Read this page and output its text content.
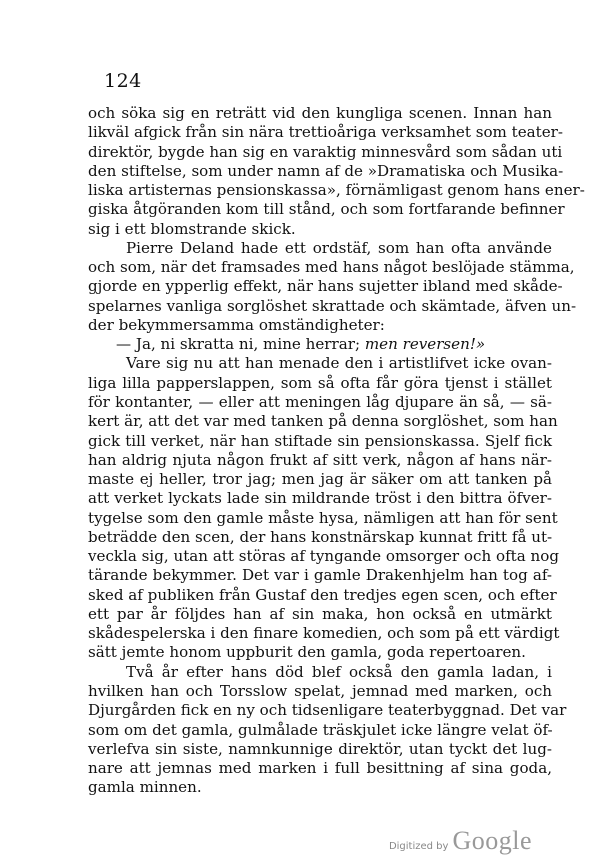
124
och söka sig en reträtt vid den kungliga scenen. Innan han
likväl afgick från sin nära trettioåriga verksamhet som teater-
direktör, bygde han sig en varaktig minnesvård som sådan uti
den stiftelse, som under namn af de »Dramatiska och Musika-
liska artisternas pensionskassa», förnämligast genom hans ener-
giska åtgöranden kom till stånd, och som fortfarande befinner
sig i ett blomstrande skick.
Pierre Deland hade ett ordstäf, som han ofta använde
och som, när det framsades med hans något beslöjade stämma,
gjorde en ypperlig effekt, när hans sujetter ibland med skåde-
spelarnes vanliga sorglöshet skrattade och skämtade, äfven un-
der bekymmersamma omständigheter:
— Ja, ni skratta ni, mine herrar; men reversen!»
Vare sig nu att han menade den i artistlifvet icke ovan-
liga lilla papperslappen, som så ofta får göra tjenst i stället
för kontanter, — eller att meningen låg djupare än så, — sä-
kert är, att det var med tanken på denna sorglöshet, som han
gick till verket, när han stiftade sin pensionskassa. Sjelf fick
han aldrig njuta någon frukt af sitt verk, någon af hans när-
maste ej heller, tror jag; men jag är säker om att tanken på
att verket lyckats lade sin mildrande tröst i den bittra öfver-
tygelse som den gamle måste hysa, nämligen att han för sent
beträdde den scen, der hans konstnärskap kunnat fritt få ut-
veckla sig, utan att störas af tyngande omsorger och ofta nog
tärande bekymmer. Det var i gamle Drakenhjelm han tog af-
sked af publiken från Gustaf den tredjes egen scen, och efter
ett par år följdes han af sin maka, hon också en utmärkt
skådespelerska i den finare komedien, och som på ett värdigt
sätt jemte honom uppburit den gamla, goda repertoaren.
Två år efter hans död blef också den gamla ladan, i
hvilken han och Torsslow spelat, jemnad med marken, och
Djurgården fick en ny och tidsenligare teaterbyggnad. Det var
som om det gamla, gulmålade träskjulet icke längre velat öf-
verlefva sin siste, namnkunnige direktör, utan tyckt det lug-
nare att jemnas med marken i full besittning af sina goda,
gamla minnen.
Digitized by Google
